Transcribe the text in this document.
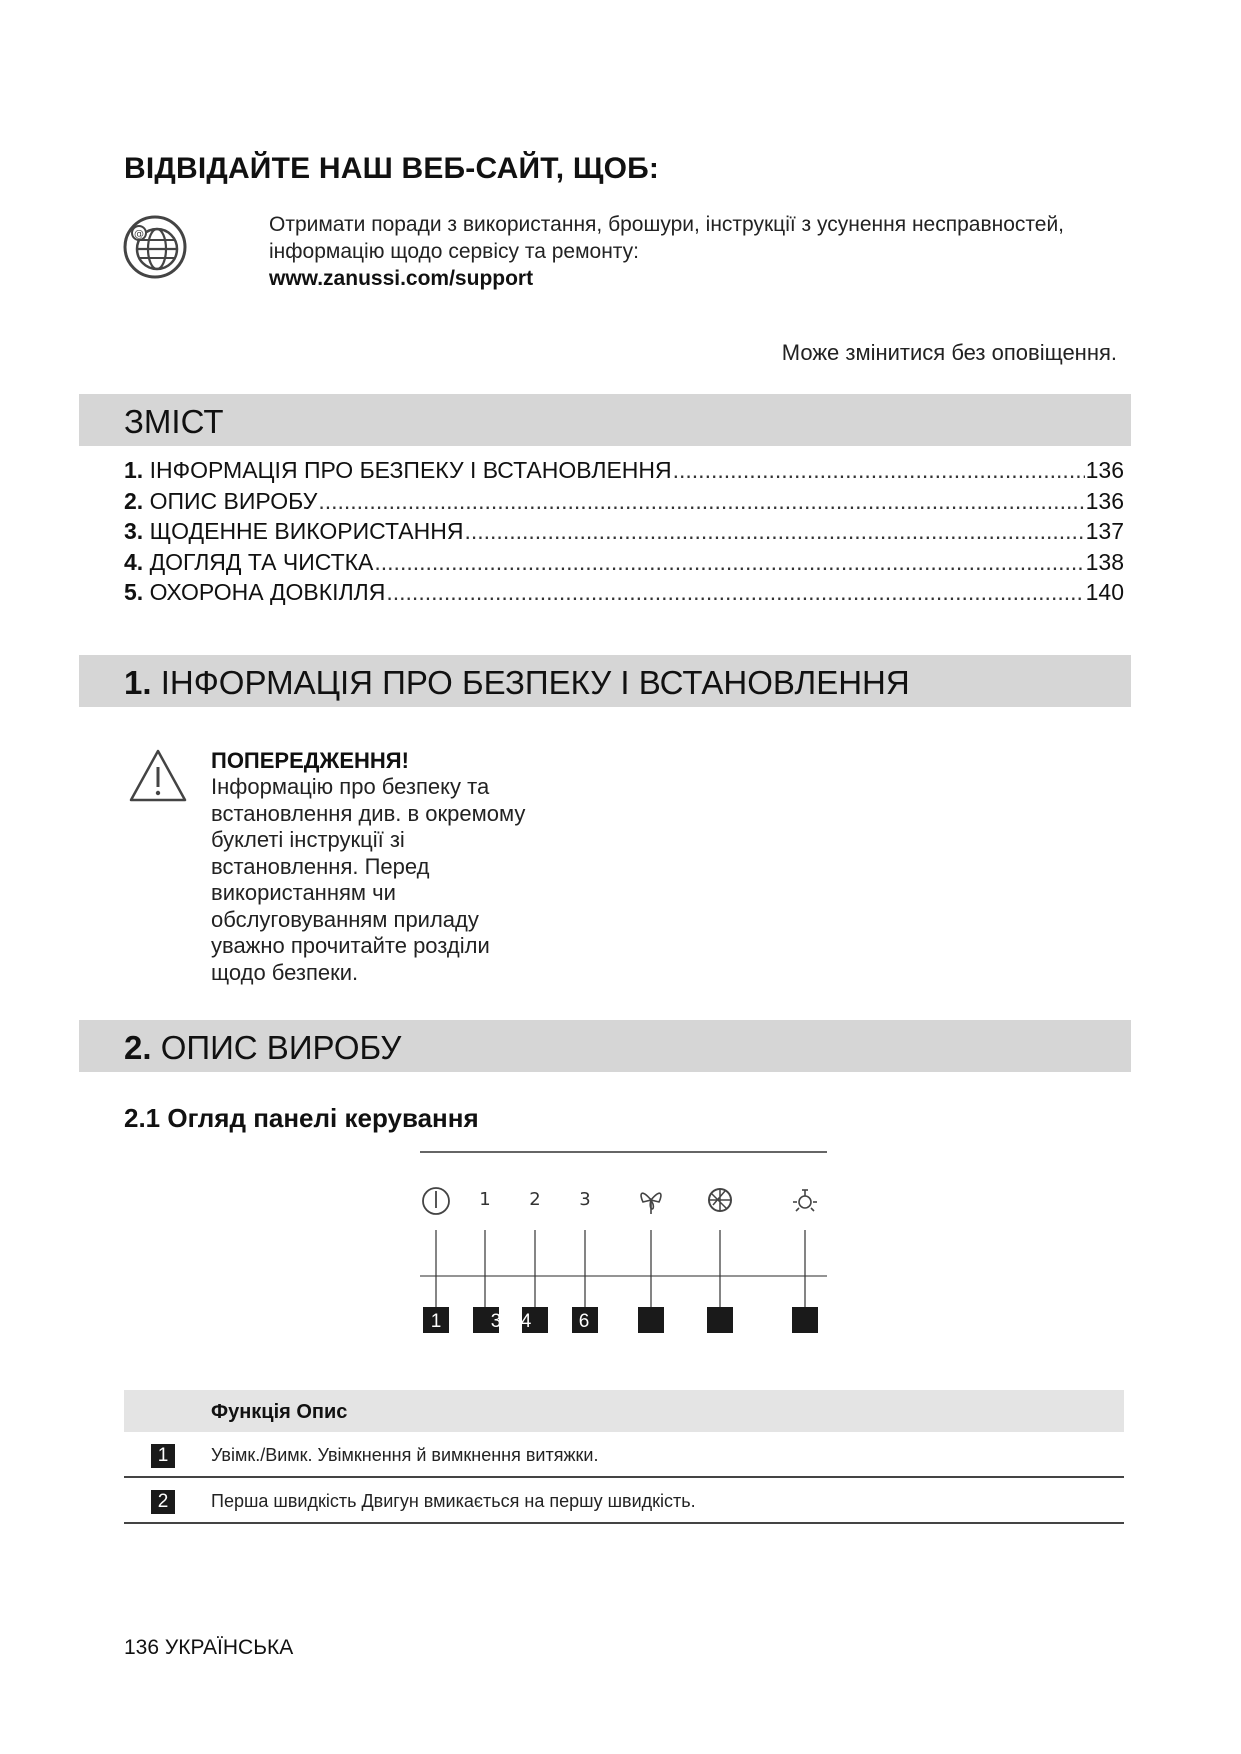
ВІДВІДАЙТЕ НАШ ВЕБ-САЙТ, ЩОБ:
@	Отримати поради з використання, брошури, інструкції з усунення несправностей,
інформацію щодо сервісу та ремонту:
www.zanussi.com/support
Може змінитися без оповіщення.
ЗМІСТ
1.
ІНФОРМАЦІЯ ПРО БЕЗПЕКУ І ВСТАНОВЛЕННЯ .....	136
2.
ОПИС ВИРОБУ .....	136
3.
ЩОДЕННЕ ВИКОРИСТАННЯ .....	137
4.
ДОГЛЯД ТА ЧИСТКА .....	138
5.
ОХОРОНА ДОВКІЛЛЯ .....	140
1. ІНФОРМАЦІЯ ПРО БЕЗПЕКУ І ВСТАНОВЛЕННЯ
ПОПЕРЕДЖЕННЯ!
Інформацію про безпеку та
встановлення див. в окремому
буклеті інструкції зі
встановлення. Перед
використанням чи
обслуговуванням приладу
уважно прочитайте розділи
щодо безпеки.
2. ОПИС ВИРОБУ
2.1 Огляд панелі керування
1 2 3
1	3 4 6
Функція Опис
1	Увімк./Вимк. Увімкнення й вимкнення витяжки.
2	Перша швидкість Двигун вмикається на першу швидкість.
136 УКРАЇНСЬКА
